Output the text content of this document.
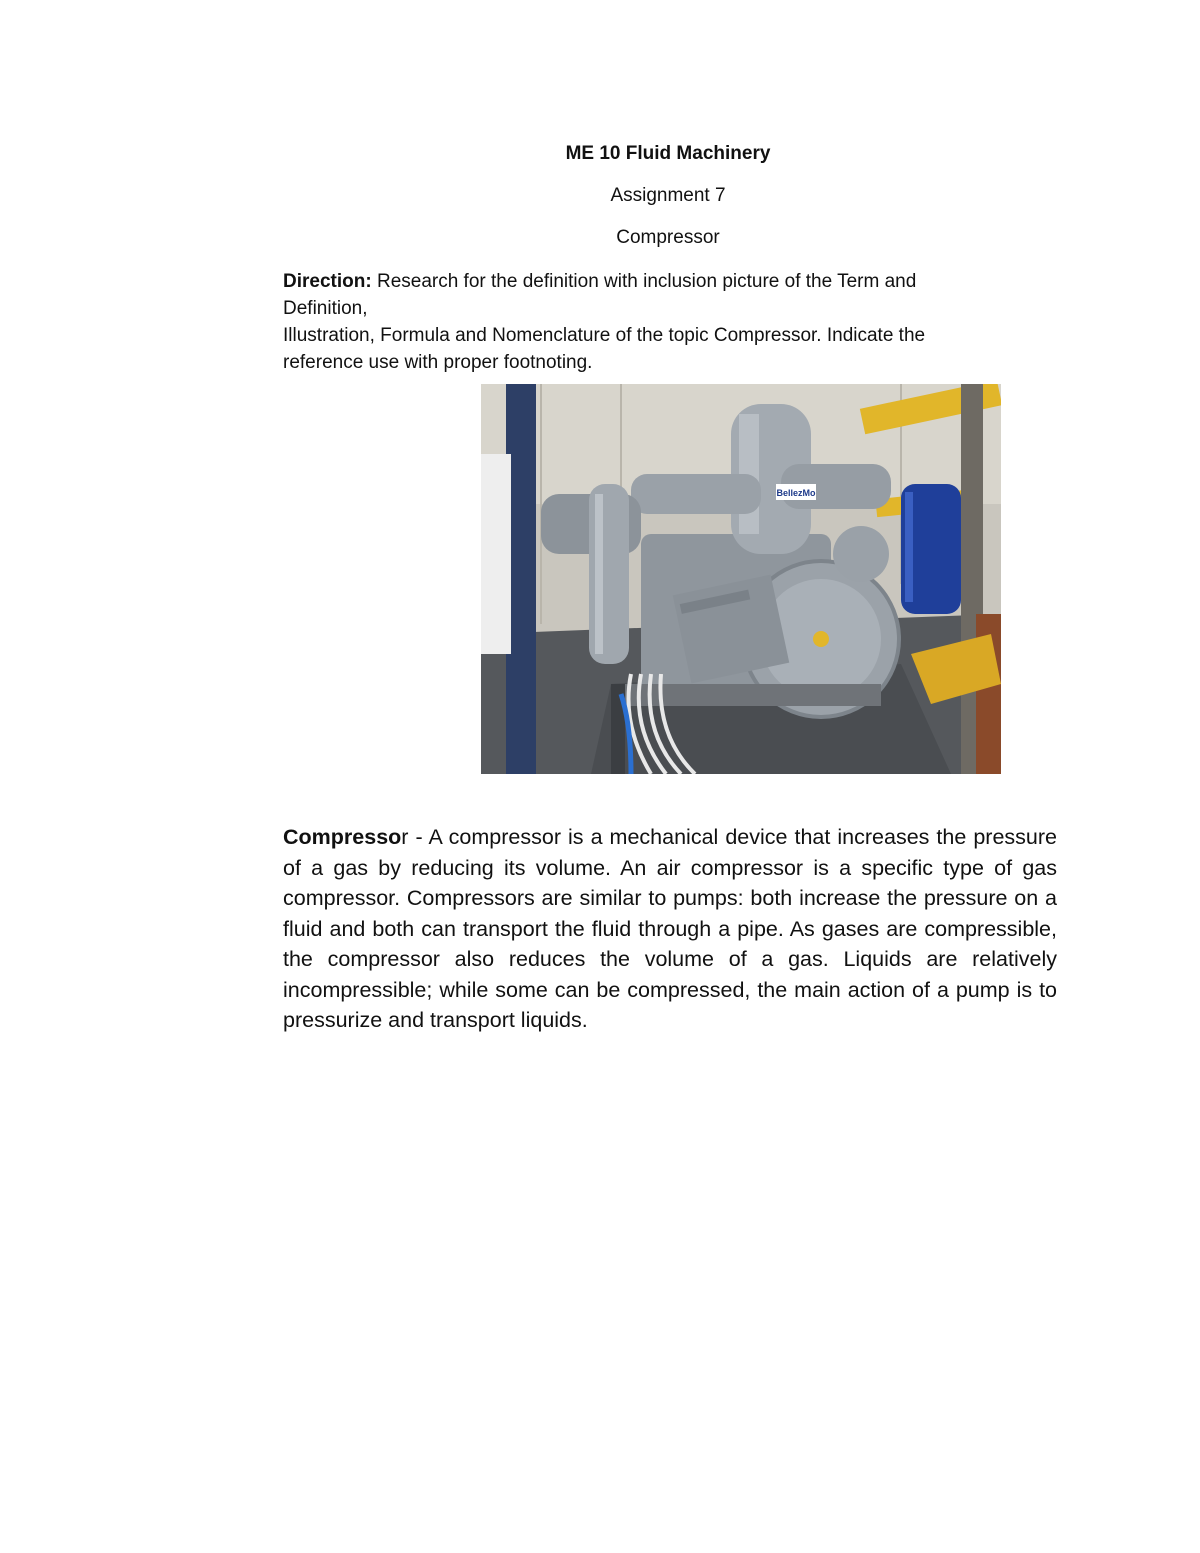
ME 10 Fluid Machinery
Assignment 7
Compressor

Direction: Research for the definition with inclusion picture of the Term and

Definition,

Illustration, Formula and Nomenclature of the topic Compressor. Indicate the

reference use with proper footnoting.

BellezMo
Compressor - A compressor is a mechanical device that increases the pressure of a gas by reducing its volume. An air compressor is a specific type of gas compressor. Compressors are similar to pumps: both increase the pressure on a fluid and both can transport the fluid through a pipe. As gases are compressible, the compressor also reduces the volume of a gas. Liquids are relatively incompressible; while some can be compressed, the main action of a pump is to pressurize and transport liquids.
